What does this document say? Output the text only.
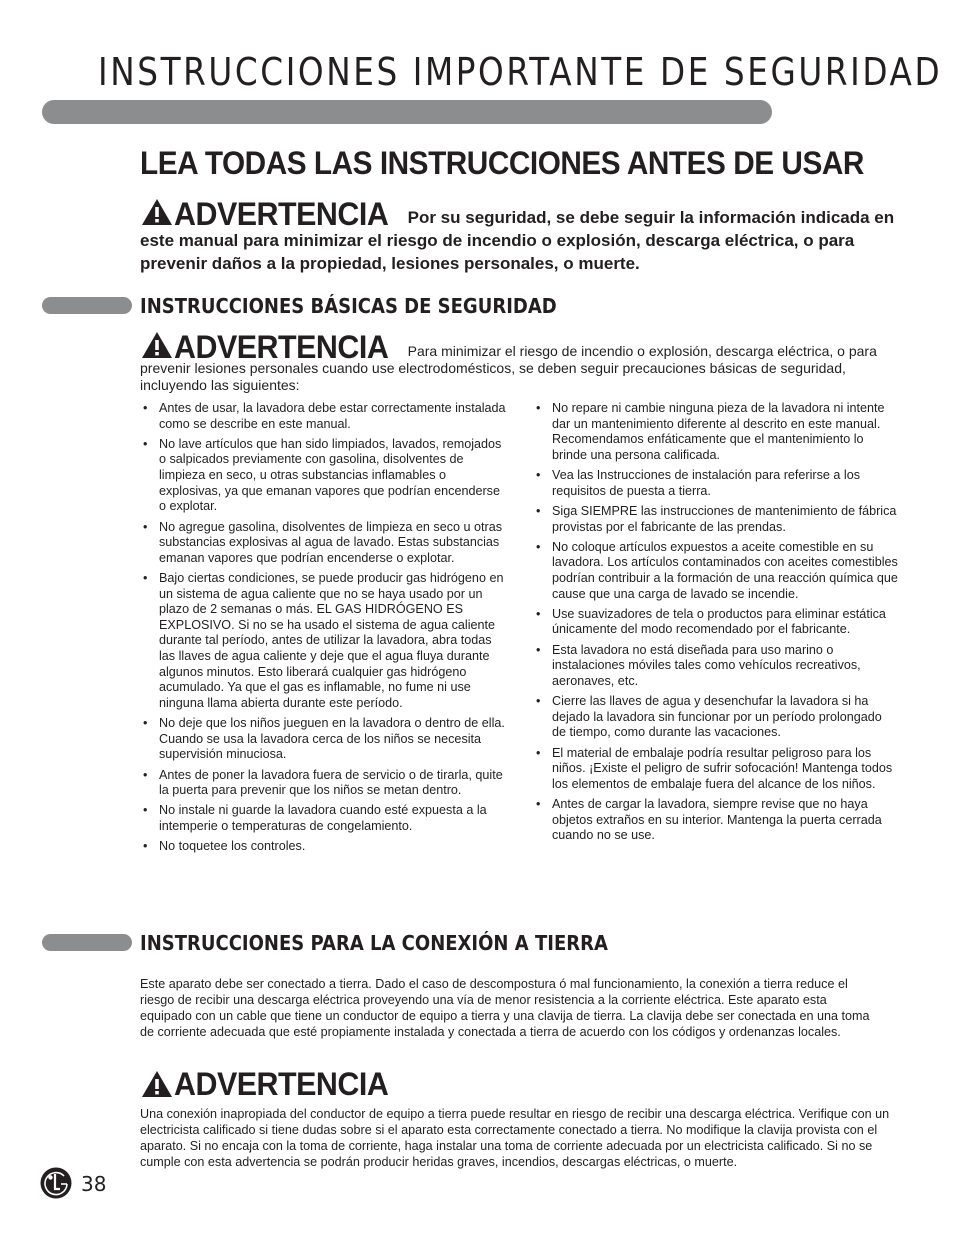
INSTRUCCIONES IMPORTANTE DE SEGURIDAD
LEA TODAS LAS INSTRUCCIONES ANTES DE USAR
ADVERTENCIA Por su seguridad, se debe seguir la información indicada en este manual para minimizar el riesgo de incendio o explosión, descarga eléctrica, o para prevenir daños a la propiedad, lesiones personales, o muerte.
INSTRUCCIONES BÁSICAS DE SEGURIDAD
ADVERTENCIA Para minimizar el riesgo de incendio o explosión, descarga eléctrica, o para prevenir lesiones personales cuando use electrodomésticos, se deben seguir precauciones básicas de seguridad, incluyendo las siguientes:
• Antes de usar, la lavadora debe estar correctamente instalada como se describe en este manual.
• No lave artículos que han sido limpiados, lavados, remojados o salpicados previamente con gasolina, disolventes de limpieza en seco, u otras substancias inflamables o explosivas, ya que emanan vapores que podrían encenderse o explotar.
• No agregue gasolina, disolventes de limpieza en seco u otras substancias explosivas al agua de lavado. Estas substancias emanan vapores que podrían encenderse o explotar.
• Bajo ciertas condiciones, se puede producir gas hidrógeno en un sistema de agua caliente que no se haya usado por un plazo de 2 semanas o más. EL GAS HIDRÓGENO ES EXPLOSIVO. Si no se ha usado el sistema de agua caliente durante tal período, antes de utilizar la lavadora, abra todas las llaves de agua caliente y deje que el agua fluya durante algunos minutos. Esto liberará cualquier gas hidrógeno acumulado. Ya que el gas es inflamable, no fume ni use ninguna llama abierta durante este período.
• No deje que los niños jueguen en la lavadora o dentro de ella. Cuando se usa la lavadora cerca de los niños se necesita supervisión minuciosa.
• Antes de poner la lavadora fuera de servicio o de tirarla, quite la puerta para prevenir que los niños se metan dentro.
• No instale ni guarde la lavadora cuando esté expuesta a la intemperie o temperaturas de congelamiento.
• No toquetee los controles.
• No repare ni cambie ninguna pieza de la lavadora ni intente dar un mantenimiento diferente al descrito en este manual. Recomendamos enfáticamente que el mantenimiento lo brinde una persona calificada.
• Vea las Instrucciones de instalación para referirse a los requisitos de puesta a tierra.
• Siga SIEMPRE las instrucciones de mantenimiento de fábrica provistas por el fabricante de las prendas.
• No coloque artículos expuestos a aceite comestible en su lavadora. Los artículos contaminados con aceites comestibles podrían contribuir a la formación de una reacción química que cause que una carga de lavado se incendie.
• Use suavizadores de tela o productos para eliminar estática únicamente del modo recomendado por el fabricante.
• Esta lavadora no está diseñada para uso marino o instalaciones móviles tales como vehículos recreativos, aeronaves, etc.
• Cierre las llaves de agua y desenchufar la lavadora si ha dejado la lavadora sin funcionar por un período prolongado de tiempo, como durante las vacaciones.
• El material de embalaje podría resultar peligroso para los niños. ¡Existe el peligro de sufrir sofocación! Mantenga todos los elementos de embalaje fuera del alcance de los niños.
• Antes de cargar la lavadora, siempre revise que no haya objetos extraños en su interior. Mantenga la puerta cerrada cuando no se use.
INSTRUCCIONES PARA LA CONEXIÓN A TIERRA
Este aparato debe ser conectado a tierra. Dado el caso de descompostura ó mal funcionamiento, la conexión a tierra reduce el riesgo de recibir una descarga eléctrica proveyendo una vía de menor resistencia a la corriente eléctrica. Este aparato esta equipado con un cable que tiene un conductor de equipo a tierra y una clavija de tierra. La clavija debe ser conectada en una toma de corriente adecuada que esté propiamente instalada y conectada a tierra de acuerdo con los códigos y ordenanzas locales.
ADVERTENCIA
Una conexión inapropiada del conductor de equipo a tierra puede resultar en riesgo de recibir una descarga eléctrica. Verifique con un electricista calificado si tiene dudas sobre si el aparato esta correctamente conectado a tierra. No modifique la clavija provista con el aparato. Si no encaja con la toma de corriente, haga instalar una toma de corriente adecuada por un electricista calificado. Si no se cumple con esta advertencia se podrán producir heridas graves, incendios, descargas eléctricas, o muerte.
38
